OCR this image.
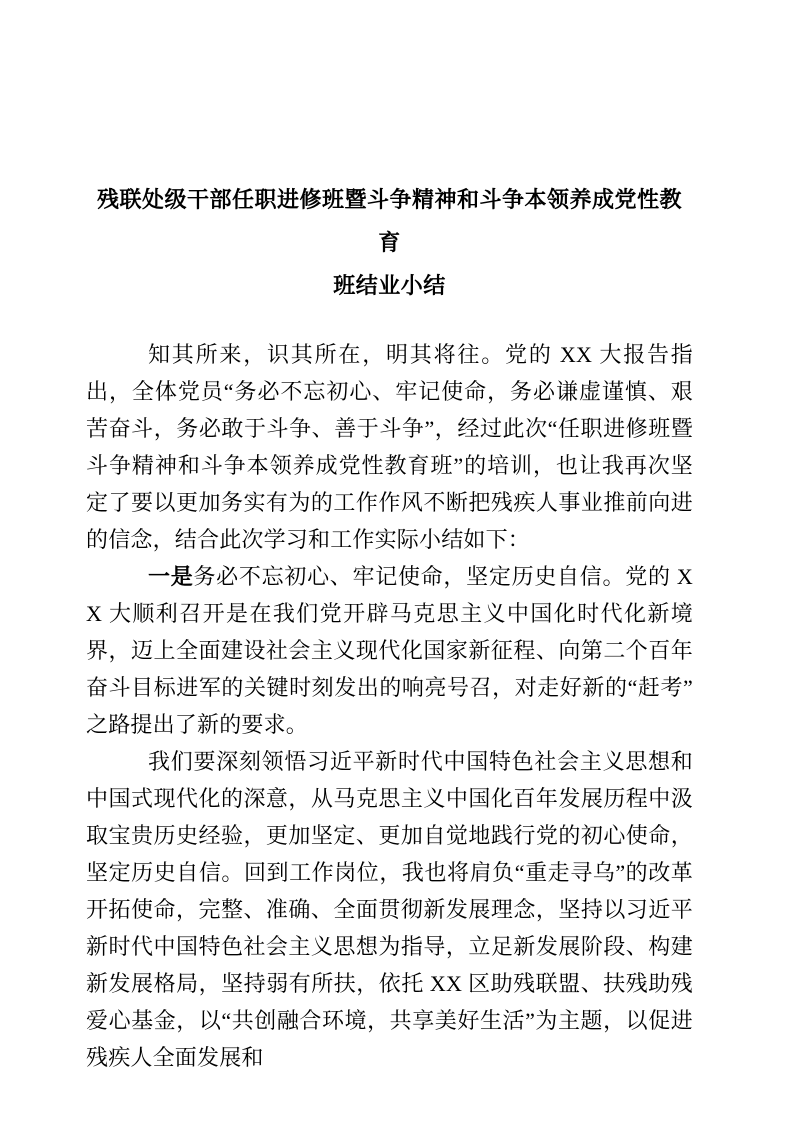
残联处级干部任职进修班暨斗争精神和斗争本领养成党性教育
班结业小结

知其所来，识其所在，明其将往。党的 XX 大报告指出，全体党员“务必不忘初心、牢记使命，务必谦虚谨慎、艰苦奋斗，务必敢于斗争、善于斗争”，经过此次“任职进修班暨斗争精神和斗争本领养成党性教育班”的培训，也让我再次坚定了要以更加务实有为的工作作风不断把残疾人事业推前向进的信念，结合此次学习和工作实际小结如下：

一是务必不忘初心、牢记使命，坚定历史自信。党的 XX 大顺利召开是在我们党开辟马克思主义中国化时代化新境界，迈上全面建设社会主义现代化国家新征程、向第二个百年奋斗目标进军的关键时刻发出的响亮号召，对走好新的“赶考”之路提出了新的要求。

我们要深刻领悟习近平新时代中国特色社会主义思想和中国式现代化的深意，从马克思主义中国化百年发展历程中汲取宝贵历史经验，更加坚定、更加自觉地践行党的初心使命，坚定历史自信。回到工作岗位，我也将肩负“重走寻乌”的改革开拓使命，完整、准确、全面贯彻新发展理念，坚持以习近平新时代中国特色社会主义思想为指导，立足新发展阶段、构建新发展格局，坚持弱有所扶，依托 XX 区助残联盟、扶残助残爱心基金，以“共创融合环境，共享美好生活”为主题，以促进残疾人全面发展和
